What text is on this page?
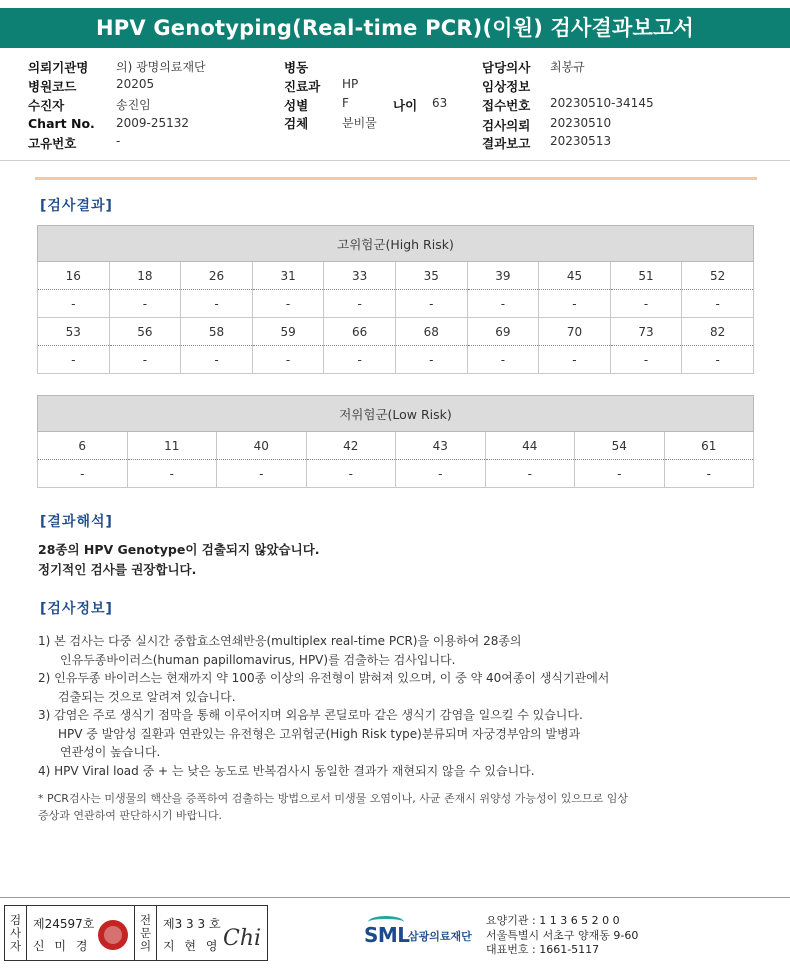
HPV Genotyping(Real-time PCR)(이원) 검사결과보고서
의뢰기관명 의) 광명의료재단
병원코드	20205
수진자	송진임
Chart No. 2009-25132
고유번호	-
병동
진료과 HP
성별	F	나이 63
검체	분비물
담당의사 최봉규
임상정보
접수번호 20230510-34145
검사의뢰 20230510
결과보고 20230513
[검사결과]
고위험군(High Risk)									
16	18	26	31	33	35	39	45	51	52
-	-	-	-	-	-	-	-	-	-
53	56	58	59	66	68	69	70	73	82
-	-	-	-	-	-	-	-	-	-
저위험군(Low Risk)							
6	11	40	42	43	44	54	61
-	-	-	-	-	-	-	-
[결과해석]
28종의 HPV Genotype이 검출되지 않았습니다.
정기적인 검사를 권장합니다.
[검사정보]
1) 본 검사는 다중 실시간 중합효소연쇄반응(multiplex real-time PCR)을 이용하여 28종의
인유두종바이러스(human papillomavirus, HPV)를 검출하는 검사입니다.
2) 인유두종 바이러스는 현재까지 약 100종 이상의 유전형이 밝혀져 있으며, 이 중 약 40여종이 생식기관에서
검출되는 것으로 알려져 있습니다.
3) 감염은 주로 생식기 점막을 통해 이루어지며 외음부 콘딜로마 같은 생식기 감염을 일으킬 수 있습니다.
HPV 중 발암성 질환과 연관있는 유전형은 고위험군(High Risk type)분류되며 자궁경부암의 발병과
연관성이 높습니다.
4) HPV Viral load 중 + 는 낮은 농도로 반복검사시 동일한 결과가 재현되지 않을 수 있습니다.
* PCR검사는 미생물의 핵산을 증폭하여 검출하는 방법으로서 미생물 오염이나, 사균 존재시 위양성 가능성이 있으므로 임상
증상과 연관하여 판단하시기 바랍니다.
검
사
자
제24597호
신 미 경
전
문
의
제3 3 3 호
지 현 영 Chi	SML
삼광의료재단
요양기관 : 1 1 3 6 5 2 0 0
서울특별시 서초구 양재동 9-60
대표번호 : 1661-5117
